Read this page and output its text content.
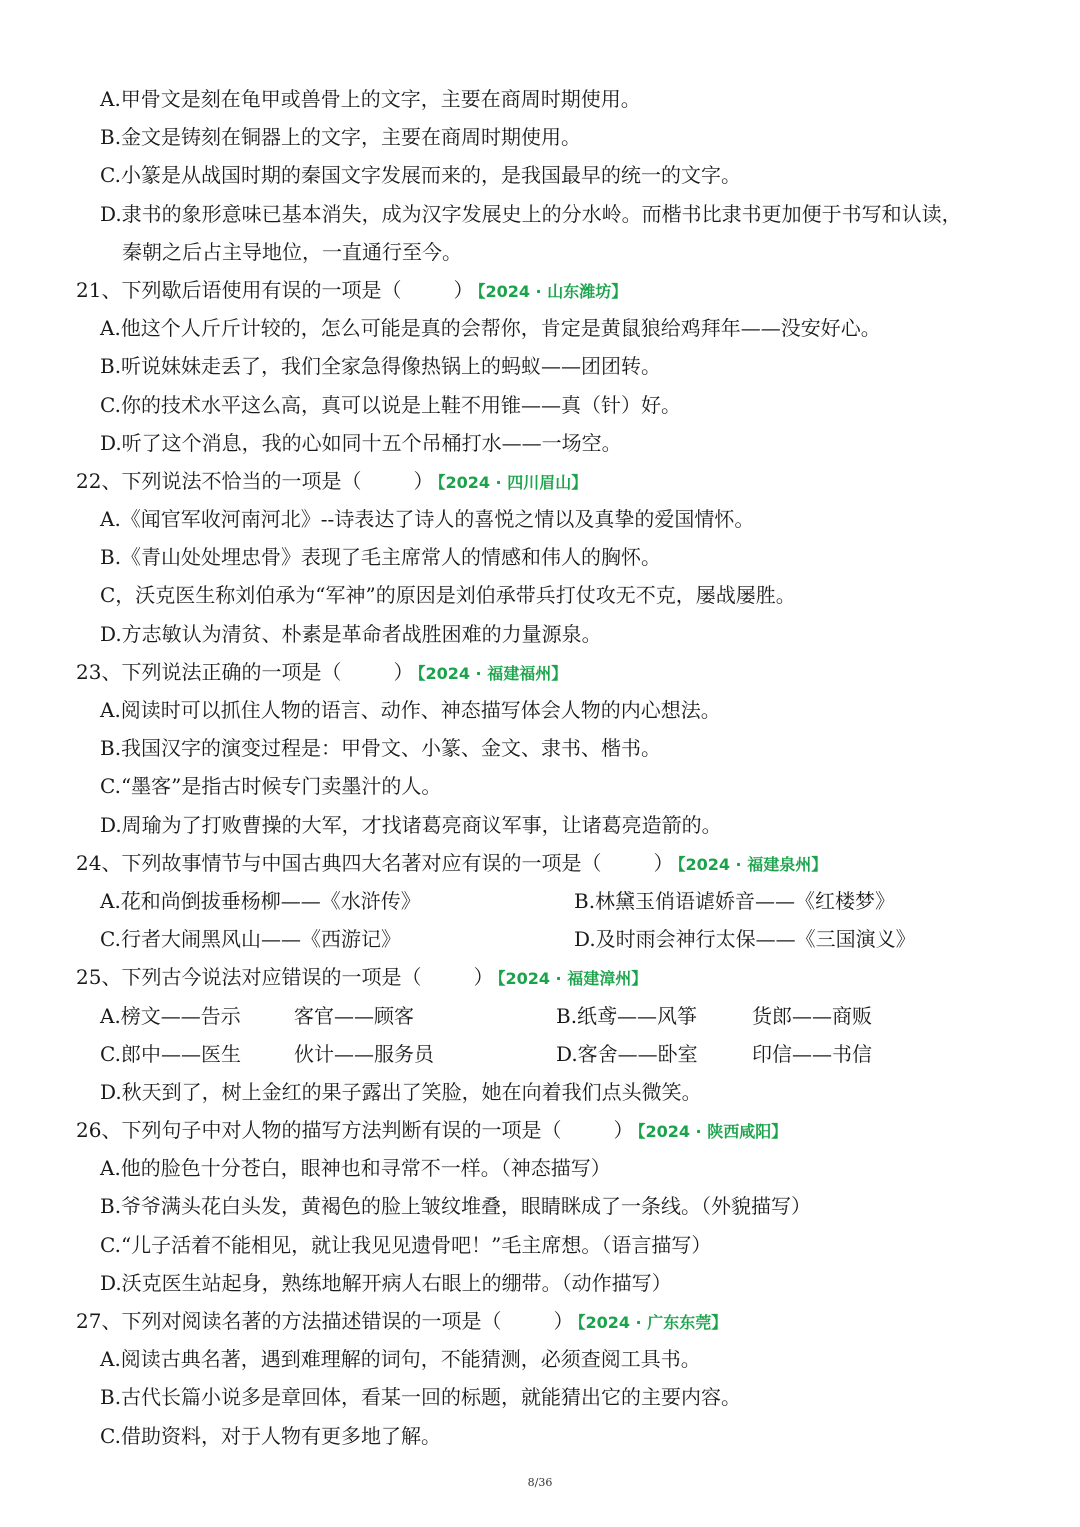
A.甲骨文是刻在龟甲或兽骨上的文字，主要在商周时期使用。
B.金文是铸刻在铜器上的文字，主要在商周时期使用。
C.小篆是从战国时期的秦国文字发展而来的，是我国最早的统一的文字。
D.隶书的象形意味已基本消失，成为汉字发展史上的分水岭。而楷书比隶书更加便于书写和认读，
秦朝之后占主导地位，一直通行至今。
21、下列歇后语使用有误的一项是（	） 【2024 · 山东潍坊】
A.他这个人斤斤计较的，怎么可能是真的会帮你，肯定是黄鼠狼给鸡拜年——没安好心。
B.听说妹妹走丢了，我们全家急得像热锅上的蚂蚁——团团转。
C.你的技术水平这么高，真可以说是上鞋不用锥——真（针）好。
D.听了这个消息，我的心如同十五个吊桶打水——一场空。
22、下列说法不恰当的一项是（	） 【2024 · 四川眉山】
A.《闻官军收河南河北》--诗表达了诗人的喜悦之情以及真挚的爱国情怀。
B.《青山处处埋忠骨》表现了毛主席常人的情感和伟人的胸怀。
C，沃克医生称刘伯承为“军神”的原因是刘伯承带兵打仗攻无不克，屡战屡胜。
D.方志敏认为清贫、朴素是革命者战胜困难的力量源泉。
23、下列说法正确的一项是（	） 【2024 · 福建福州】
A.阅读时可以抓住人物的语言、动作、神态描写体会人物的内心想法。
B.我国汉字的演变过程是：甲骨文、小篆、金文、隶书、楷书。
C.“墨客”是指古时候专门卖墨汁的人。
D.周瑜为了打败曹操的大军，才找诸葛亮商议军事，让诸葛亮造箭的。
24、下列故事情节与中国古典四大名著对应有误的一项是（	） 【2024 · 福建泉州】
A.花和尚倒拔垂杨柳——《水浒传》	B.林黛玉俏语谑娇音——《红楼梦》
C.行者大闹黑风山——《西游记》	D.及时雨会神行太保——《三国演义》
25、下列古今说法对应错误的一项是（	） 【2024 · 福建漳州】
A.榜文——告示	客官——顾客	B.纸鸢——风筝	货郎——商贩
C.郎中——医生	伙计——服务员	D.客舍——卧室	印信——书信
D.秋天到了，树上金红的果子露出了笑脸，她在向着我们点头微笑。
26、下列句子中对人物的描写方法判断有误的一项是（	） 【2024 · 陕西咸阳】
A.他的脸色十分苍白，眼神也和寻常不一样。（神态描写）
B.爷爷满头花白头发，黄褐色的脸上皱纹堆叠，眼睛眯成了一条线。（外貌描写）
C.“儿子活着不能相见，就让我见见遗骨吧！”毛主席想。（语言描写）
D.沃克医生站起身，熟练地解开病人右眼上的绷带。（动作描写）
27、下列对阅读名著的方法描述错误的一项是（	） 【2024 · 广东东莞】
A.阅读古典名著，遇到难理解的词句，不能猜测，必须查阅工具书。
B.古代长篇小说多是章回体，看某一回的标题，就能猜出它的主要内容。
C.借助资料，对于人物有更多地了解。
8/36
